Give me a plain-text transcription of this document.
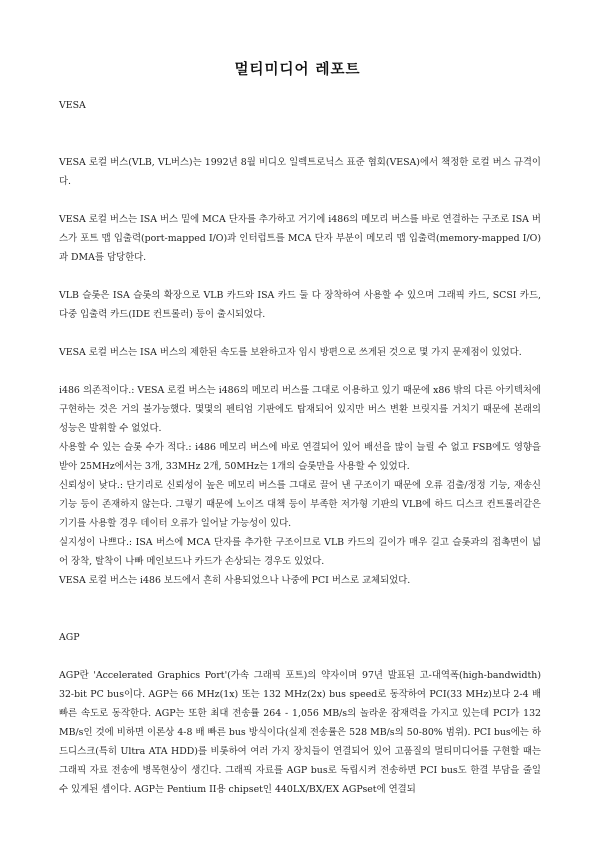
멀티미디어 레포트

VESA

VESA 로컬 버스(VLB, VL버스)는 1992년 8월 비디오 일렉트로닉스 표준 협회(VESA)에서 책정한 로컬 버스 규격이다.

VESA 로컬 버스는 ISA 버스 밑에 MCA 단자를 추가하고 거기에 i486의 메모리 버스를 바로 연결하는 구조로 ISA 버스가 포트 맵 입출력(port-mapped I/O)과 인터럽트를 MCA 단자 부분이 메모리 맵 입출력(memory-mapped I/O)과 DMA를 담당한다.

VLB 슬롯은 ISA 슬롯의 확장으로 VLB 카드와 ISA 카드 둘 다 장착하여 사용할 수 있으며 그래픽 카드, SCSI 카드, 다중 입출력 카드(IDE 컨트롤러) 등이 출시되었다.

VESA 로컬 버스는 ISA 버스의 제한된 속도를 보완하고자 임시 방편으로 쓰게된 것으로 몇 가지 문제점이 있었다.

i486 의존적이다.: VESA 로컬 버스는 i486의 메모리 버스를 그대로 이용하고 있기 때문에 x86 밖의 다른 아키텍처에 구현하는 것은 거의 불가능했다. 몇몇의 펜티엄 기판에도 탑재되어 있지만 버스 변환 브릿지를 거치기 때문에 본래의 성능은 발휘할 수 없었다.

사용할 수 있는 슬롯 수가 적다.: i486 메모리 버스에 바로 연결되어 있어 배선을 많이 늘릴 수 없고 FSB에도 영향을 받아 25MHz에서는 3개, 33MHz 2개, 50MHz는 1개의 슬롯만을 사용할 수 있었다.

신뢰성이 낮다.: 단기리로 신뢰성이 높은 메모리 버스를 그대로 끌어 낸 구조이기 때문에 오류 검출/정정 기능, 재송신 기능 등이 존재하지 않는다. 그렇기 때문에 노이즈 대책 등이 부족한 저가형 기판의 VLB에 하드 디스크 컨트롤러같은 기기를 사용할 경우 데이터 오류가 일어날 가능성이 있다.

실지성이 나쁘다.: ISA 버스에 MCA 단자를 추가한 구조이므로 VLB 카드의 길이가 매우 길고 슬롯과의 접촉면이 넓어 장착, 탈착이 나빠 메인보드나 카드가 손상되는 경우도 있었다.

VESA 로컬 버스는 i486 보드에서 흔히 사용되었으나 나중에 PCI 버스로 교체되었다.

AGP

AGP란 'Accelerated Graphics Port'(가속 그래픽 포트)의 약자이며 97년 발표된 고-대역폭(high-bandwidth) 32-bit PC bus이다. AGP는 66 MHz(1x) 또는 132 MHz(2x) bus speed로 동작하여 PCI(33 MHz)보다 2-4 배 빠른 속도로 동작한다. AGP는 또한 최대 전송률 264 - 1,056 MB/s의 놀라운 잠재력을 가지고 있는데 PCI가 132 MB/s인 것에 비하면 이론상 4-8 배 빠른 bus 방식이다(실제 전송률은 528 MB/s의 50-80% 범위). PCI bus에는 하드디스크(특히 Ultra ATA HDD)를 비롯하여 여러 가지 장치들이 연결되어 있어 고품질의 멀티미디어를 구현할 때는 그래픽 자료 전송에 병목현상이 생긴다. 그래픽 자료를 AGP bus로 독립시켜 전송하면 PCI bus도 한결 부담을 줄일 수 있게된 셈이다. AGP는 Pentium II용 chipset인 440LX/BX/EX AGPset에 연결되
